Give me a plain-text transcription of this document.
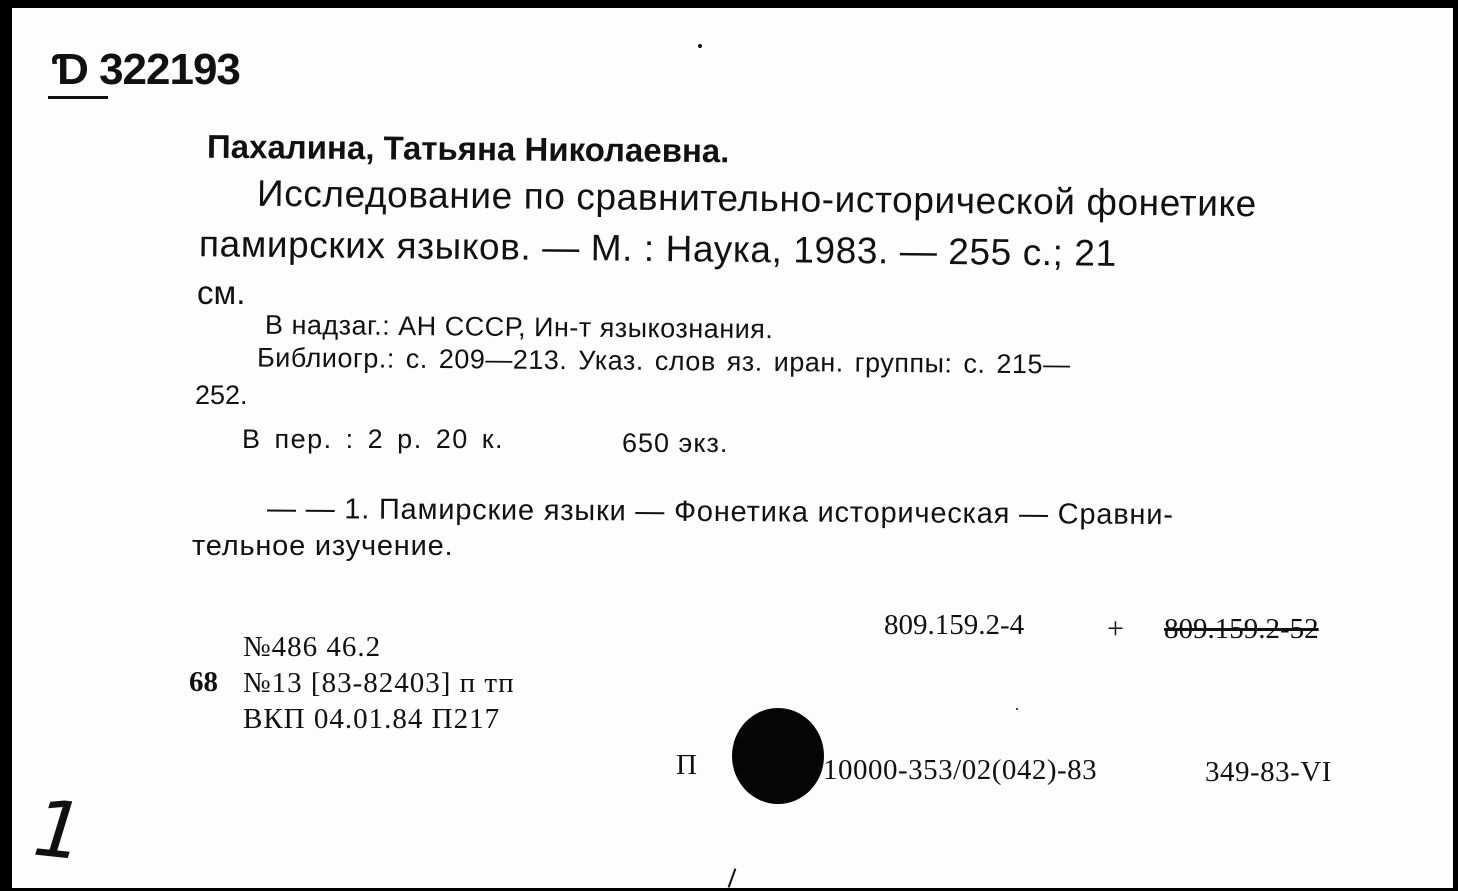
Ɗ 322193
Пахалина, Татьяна Николаевна.
Исследование по сравнительно-исторической фонетике
памирских языков. — М. : Наука, 1983. — 255 с.; 21
см.
В надзаг.: АН СССР, Ин-т языкознания.
Библиогр.: с. 209—213. Указ. слов яз. иран. группы: с. 215—
252.
В пер. : 2 р. 20 к.	650 экз.
— — 1. Памирские языки — Фонетика историческая — Сравни-
тельное изучение.
809.159.2-4	+ 809.159.2-52
№486 46.2
68 №13 [83-82403] п тп
ВКП 04.01.84 П217
П	10000-353/02(042)-83	349-83-VI
1
